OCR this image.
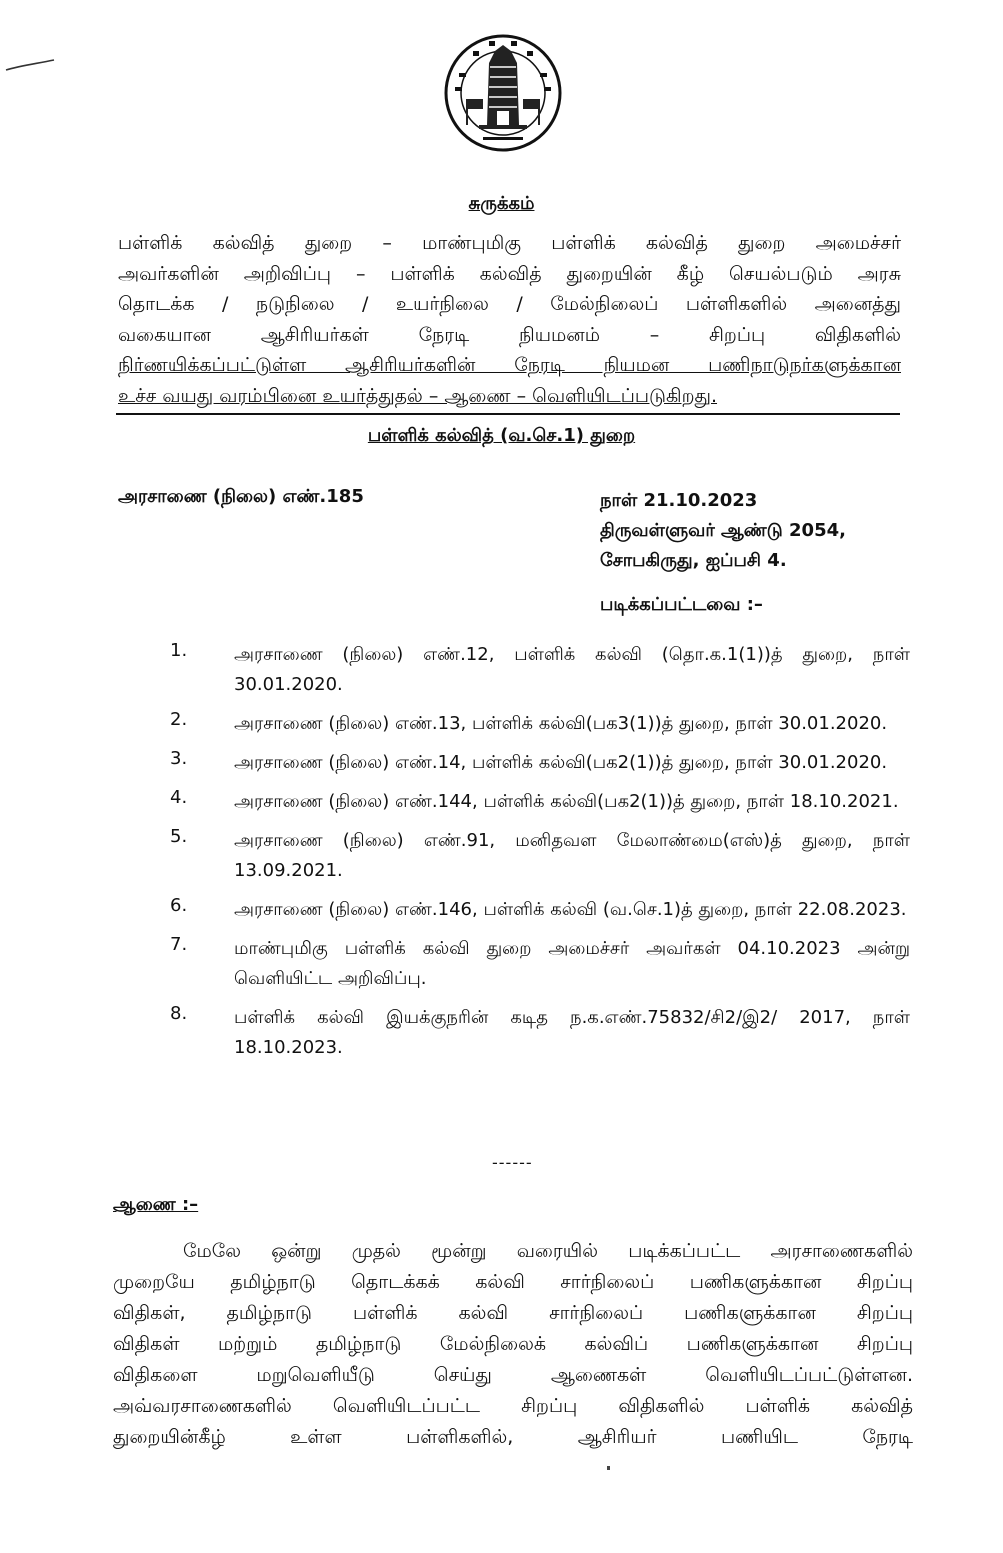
சுருக்கம்
பள்ளிக் கல்வித் துறை – மாண்புமிகு பள்ளிக் கல்வித் துறை அமைச்சர்
அவர்களின் அறிவிப்பு – பள்ளிக் கல்வித் துறையின் கீழ் செயல்படும் அரசு
தொடக்க / நடுநிலை / உயர்நிலை / மேல்நிலைப் பள்ளிகளில் அனைத்து
வகையான ஆசிரியர்கள் நேரடி நியமனம் – சிறப்பு விதிகளில்
நிர்ணயிக்கப்பட்டுள்ள ஆசிரியர்களின் நேரடி நியமன பணிநாடுநர்களுக்கான
உச்ச வயது வரம்பினை உயர்த்துதல் – ஆணை – வெளியிடப்படுகிறது.
பள்ளிக் கல்வித் (வ.செ.1) துறை
அரசாணை (நிலை) எண்.185	நாள் 21.10.2023
திருவள்ளுவர் ஆண்டு 2054,
சோபகிருது, ஐப்பசி 4.
படிக்கப்பட்டவை :–
1.	அரசாணை (நிலை) எண்.12, பள்ளிக் கல்வி (தொ.க.1(1))த் துறை, நாள் 30.01.2020.
2.	அரசாணை (நிலை) எண்.13, பள்ளிக் கல்வி(பக3(1))த் துறை, நாள் 30.01.2020.
3.	அரசாணை (நிலை) எண்.14, பள்ளிக் கல்வி(பக2(1))த் துறை, நாள் 30.01.2020.
4.	அரசாணை (நிலை) எண்.144, பள்ளிக் கல்வி(பக2(1))த் துறை, நாள் 18.10.2021.
5.	அரசாணை (நிலை) எண்.91, மனிதவள மேலாண்மை(எஸ்)த் துறை, நாள் 13.09.2021.
6.	அரசாணை (நிலை) எண்.146, பள்ளிக் கல்வி (வ.செ.1)த் துறை, நாள் 22.08.2023.
7.	மாண்புமிகு பள்ளிக் கல்வி துறை அமைச்சர் அவர்கள் 04.10.2023 அன்று வெளியிட்ட அறிவிப்பு.
8.	பள்ளிக் கல்வி இயக்குநரின் கடித ந.க.எண்.75832/சி2/இ2/ 2017, நாள் 18.10.2023.
------
ஆணை :–
மேலே ஒன்று முதல் மூன்று வரையில் படிக்கப்பட்ட அரசாணைகளில்
முறையே தமிழ்நாடு தொடக்கக் கல்வி சார்நிலைப் பணிகளுக்கான சிறப்பு
விதிகள், தமிழ்நாடு பள்ளிக் கல்வி சார்நிலைப் பணிகளுக்கான சிறப்பு
விதிகள் மற்றும் தமிழ்நாடு மேல்நிலைக் கல்விப் பணிகளுக்கான சிறப்பு
விதிகளை மறுவெளியீடு செய்து ஆணைகள் வெளியிடப்பட்டுள்ளன.
அவ்வரசாணைகளில் வெளியிடப்பட்ட சிறப்பு விதிகளில் பள்ளிக் கல்வித்
துறையின்கீழ் உள்ள பள்ளிகளில், ஆசிரியர் பணியிட நேரடி
